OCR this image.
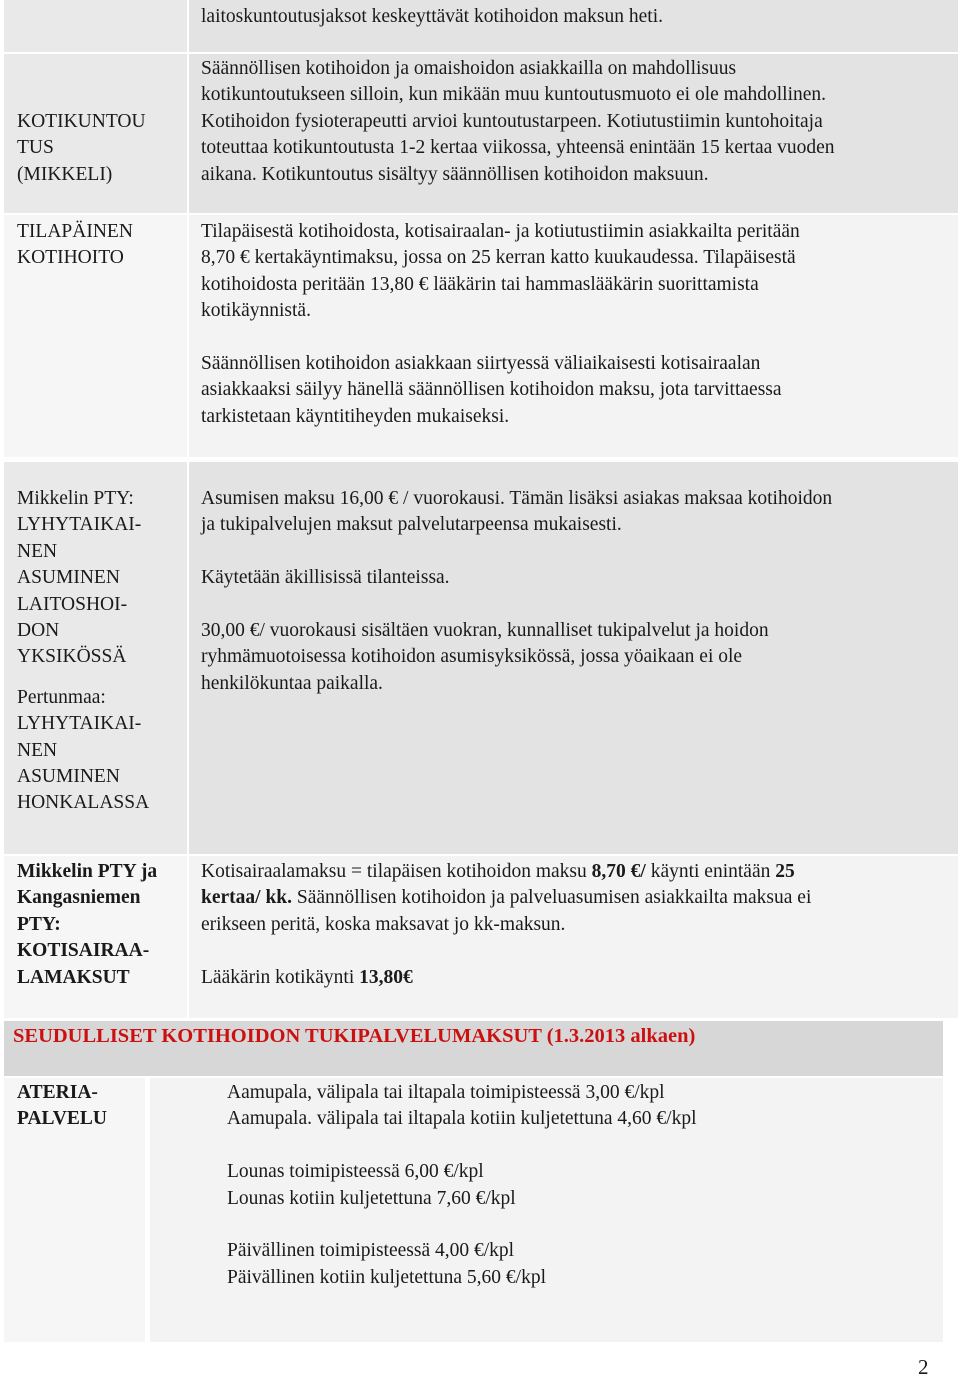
laitoskuntoutusjaksot keskeyttävät kotihoidon maksun heti.
KOTIKUNTOU
TUS
(MIKKELI)
Säännöllisen kotihoidon ja omaishoidon asiakkailla on mahdollisuus
kotikuntoutukseen silloin, kun mikään muu kuntoutusmuoto ei ole mahdollinen.
Kotihoidon fysioterapeutti arvioi kuntoutustarpeen. Kotiutustiimin kuntohoitaja
toteuttaa kotikuntoutusta 1-2 kertaa viikossa, yhteensä enintään 15 kertaa vuoden
aikana. Kotikuntoutus sisältyy säännöllisen kotihoidon maksuun.
TILAPÄINEN
KOTIHOITO
Tilapäisestä kotihoidosta, kotisairaalan- ja kotiutustiimin asiakkailta peritään
8,70 € kertakäyntimaksu, jossa on 25 kerran katto kuukaudessa. Tilapäisestä
kotihoidosta peritään 13,80 € lääkärin tai hammaslääkärin suorittamista
kotikäynnistä.
Säännöllisen kotihoidon asiakkaan siirtyessä väliaikaisesti kotisairaalan
asiakkaaksi säilyy hänellä säännöllisen kotihoidon maksu, jota tarvittaessa
tarkistetaan käyntitiheyden mukaiseksi.
Mikkelin PTY:
LYHYTAIKAI-
NEN
ASUMINEN
LAITOSHOI-
DON
YKSIKÖSSÄ
Pertunmaa:
LYHYTAIKAI-
NEN
ASUMINEN
HONKALASSA
Asumisen maksu 16,00 € / vuorokausi. Tämän lisäksi asiakas maksaa kotihoidon
ja tukipalvelujen maksut palvelutarpeensa mukaisesti.
Käytetään äkillisissä tilanteissa.
30,00 €/ vuorokausi sisältäen vuokran, kunnalliset tukipalvelut ja hoidon
ryhmämuotoisessa kotihoidon asumisyksikössä, jossa yöaikaan ei ole
henkilökuntaa paikalla.
Mikkelin PTY ja
Kangasniemen
PTY:
KOTISAIRAA-
LAMAKSUT
Kotisairaalamaksu = tilapäisen kotihoidon maksu 8,70 €/ käynti enintään 25
kertaa/ kk. Säännöllisen kotihoidon ja palveluasumisen asiakkailta maksua ei
erikseen peritä, koska maksavat jo kk-maksun.
Lääkärin kotikäynti 13,80€
SEUDULLISET KOTIHOIDON TUKIPALVELUMAKSUT (1.3.2013 alkaen)
ATERIA-
PALVELU
Aamupala, välipala tai iltapala toimipisteessä 3,00 €/kpl
Aamupala. välipala tai iltapala kotiin kuljetettuna 4,60 €/kpl
Lounas toimipisteessä 6,00 €/kpl
Lounas kotiin kuljetettuna 7,60 €/kpl
Päivällinen toimipisteessä 4,00 €/kpl
Päivällinen kotiin kuljetettuna 5,60 €/kpl
2
